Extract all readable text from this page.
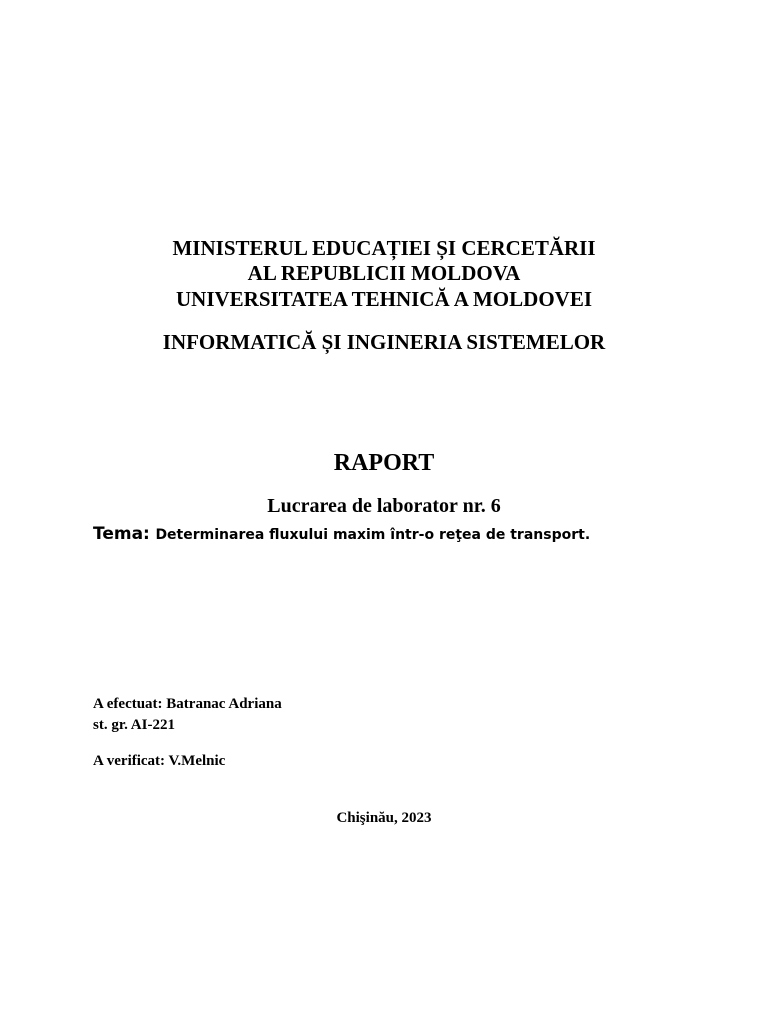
MINISTERUL EDUCAȚIEI ȘI CERCETĂRII
AL REPUBLICII MOLDOVA
UNIVERSITATEA TEHNICĂ A MOLDOVEI
INFORMATICĂ ȘI INGINERIA SISTEMELOR
RAPORT
Lucrarea de laborator nr. 6
Tema: Determinarea fluxului maxim într-o reţea de transport.
A efectuat: Batranac Adriana
st. gr. AI-221
A verificat: V.Melnic
Chişinău, 2023
